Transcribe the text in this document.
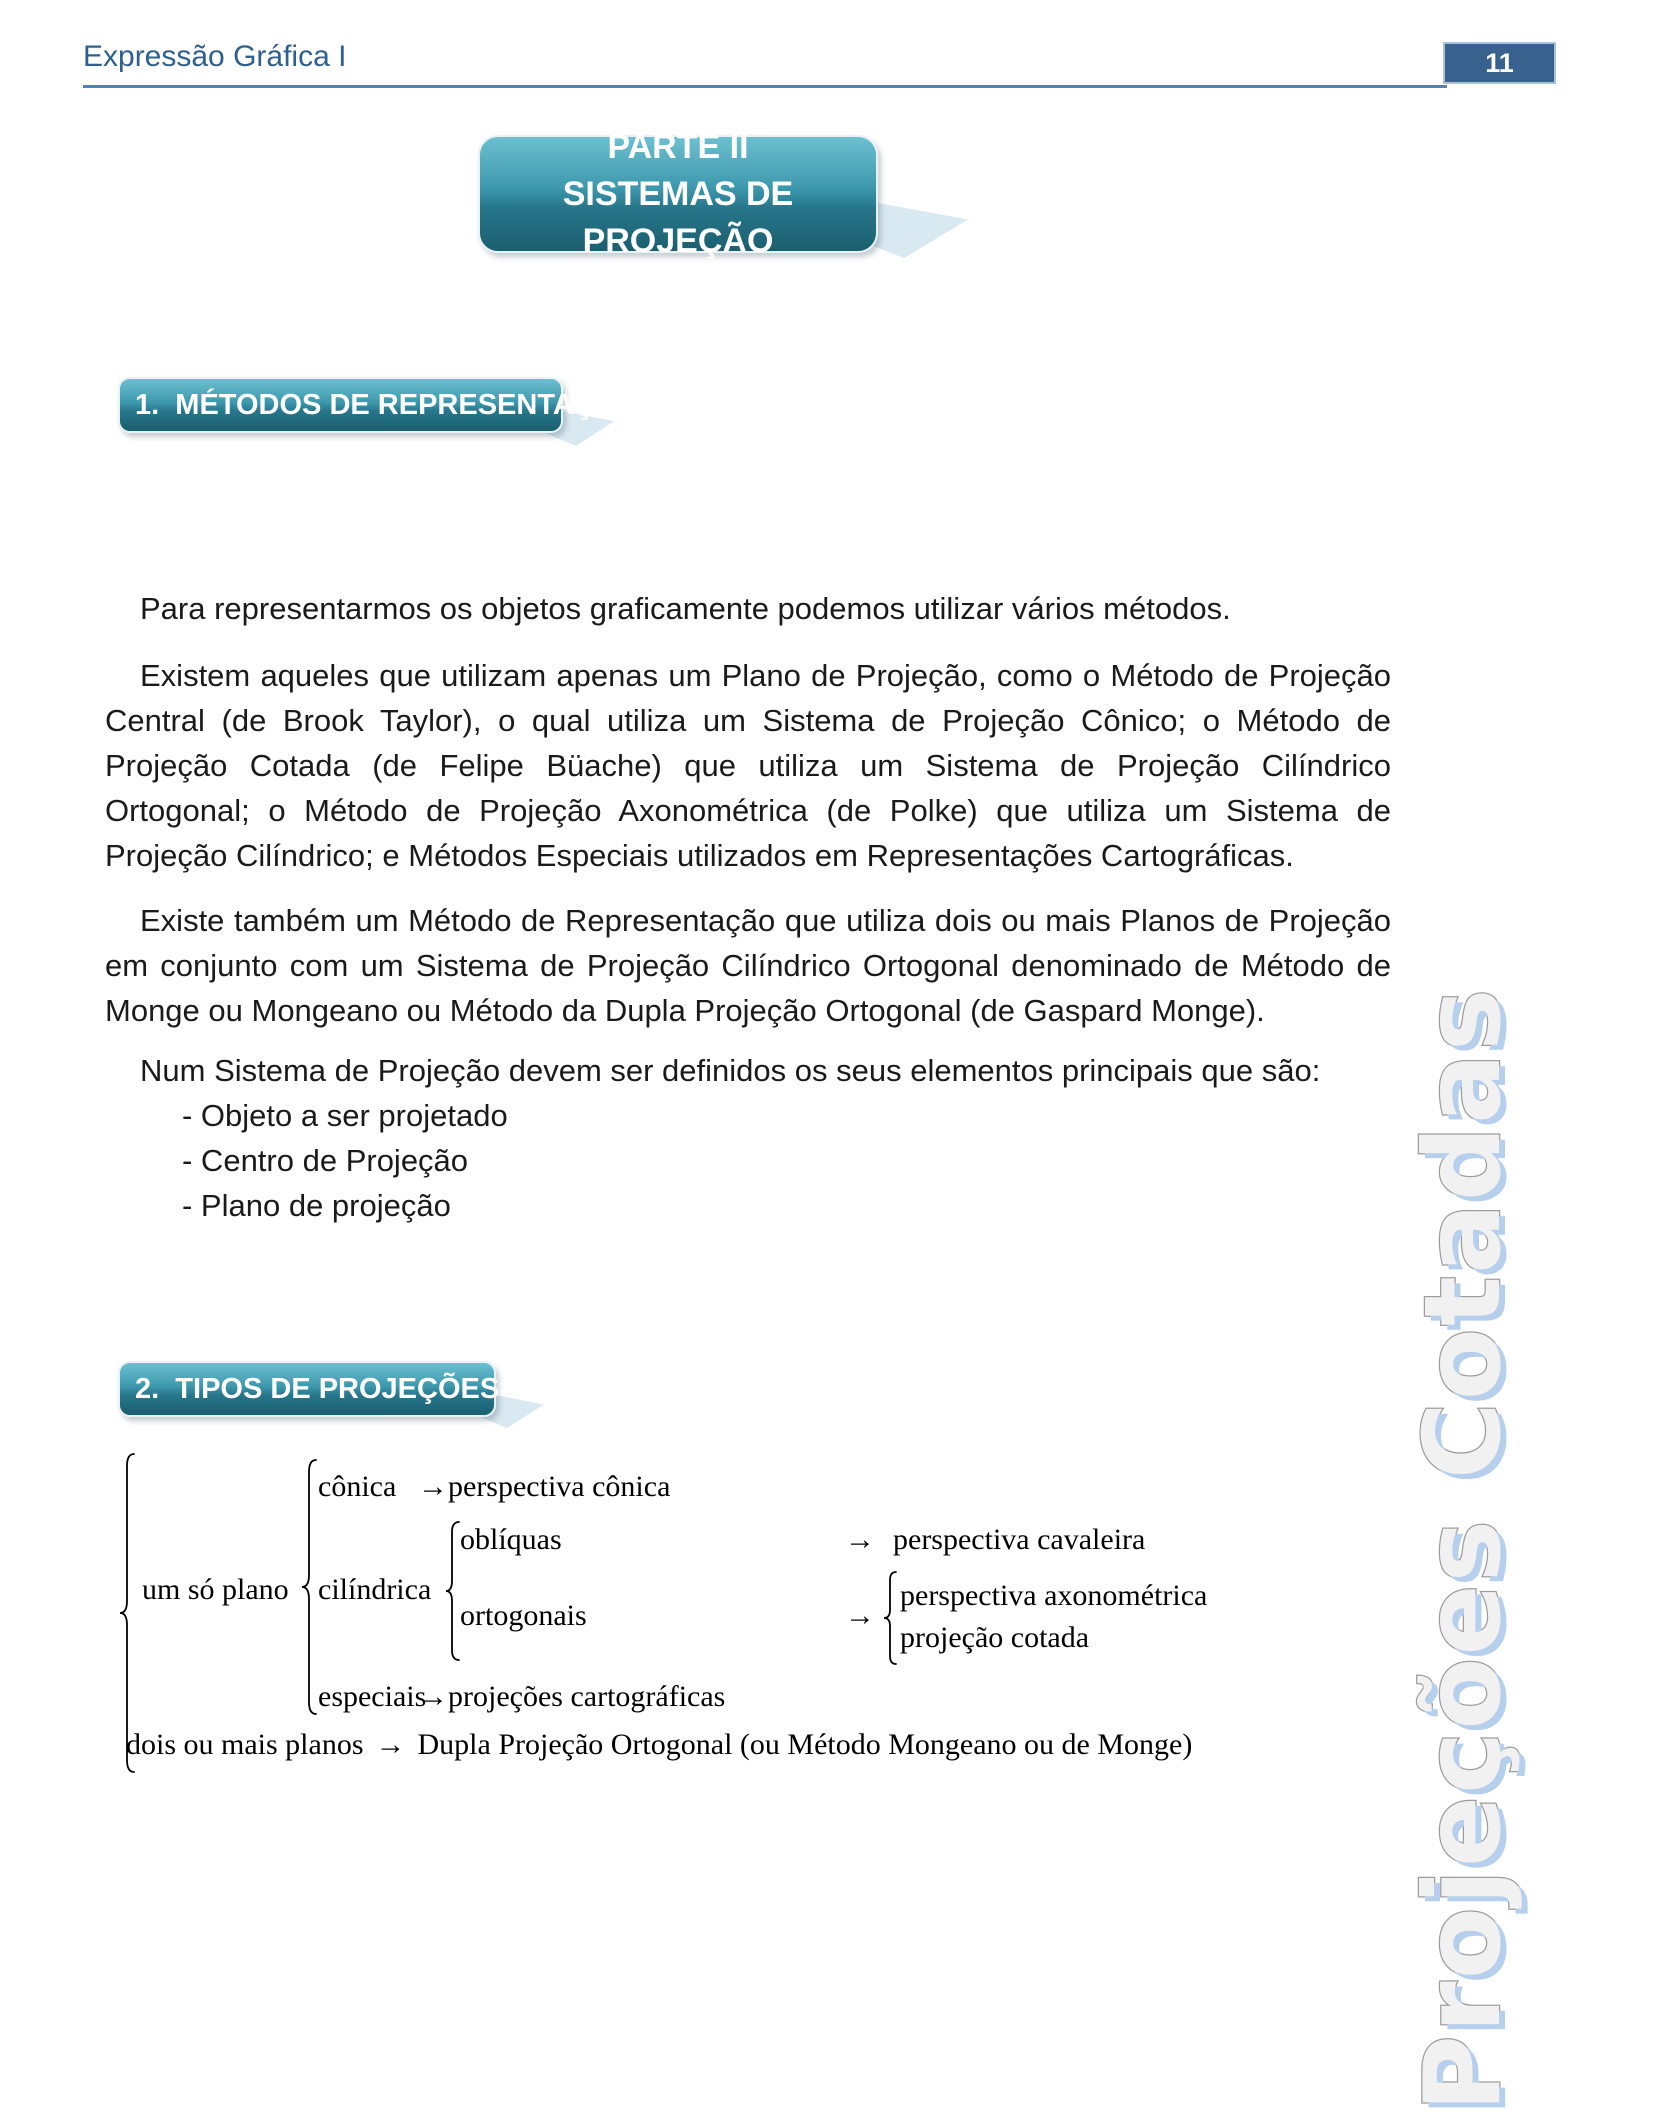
Projeções Cotadas
Expressão Gráfica I	11
PARTE II
SISTEMAS DE PROJEÇÃO
1.  MÉTODOS DE REPRESENTAÇÃO

Para representarmos os objetos graficamente podemos utilizar vários métodos.

Existem aqueles que utilizam apenas um Plano de Projeção, como o Método de Projeção Central (de Brook Taylor), o qual utiliza um Sistema de Projeção Cônico; o Método de Projeção Cotada (de Felipe Büache) que utiliza um Sistema de Projeção Cilíndrico Ortogonal; o Método de Projeção Axonométrica (de Polke) que utiliza um Sistema de Projeção Cilíndrico; e Métodos Especiais utilizados em Representações Cartográficas.

Existe também um Método de Representação que utiliza dois ou mais Planos de Projeção em conjunto com um Sistema de Projeção Cilíndrico Ortogonal denominado de Método de Monge ou Mongeano ou Método da Dupla Projeção Ortogonal (de Gaspard Monge).

Num Sistema de Projeção devem ser definidos os seus elementos principais que são:

- Objeto a ser projetado

- Centro de Projeção

- Plano de projeção

2.  TIPOS DE PROJEÇÕES
um só plano
cônica → perspectiva cônica
cilíndrica
oblíquas	→ perspectiva cavaleira
ortogonais	→
perspectiva axonométrica
projeção cotada
especiais
→ projeções cartográficas
dois ou mais planos → Dupla Projeção Ortogonal (ou Método Mongeano ou de Monge)
